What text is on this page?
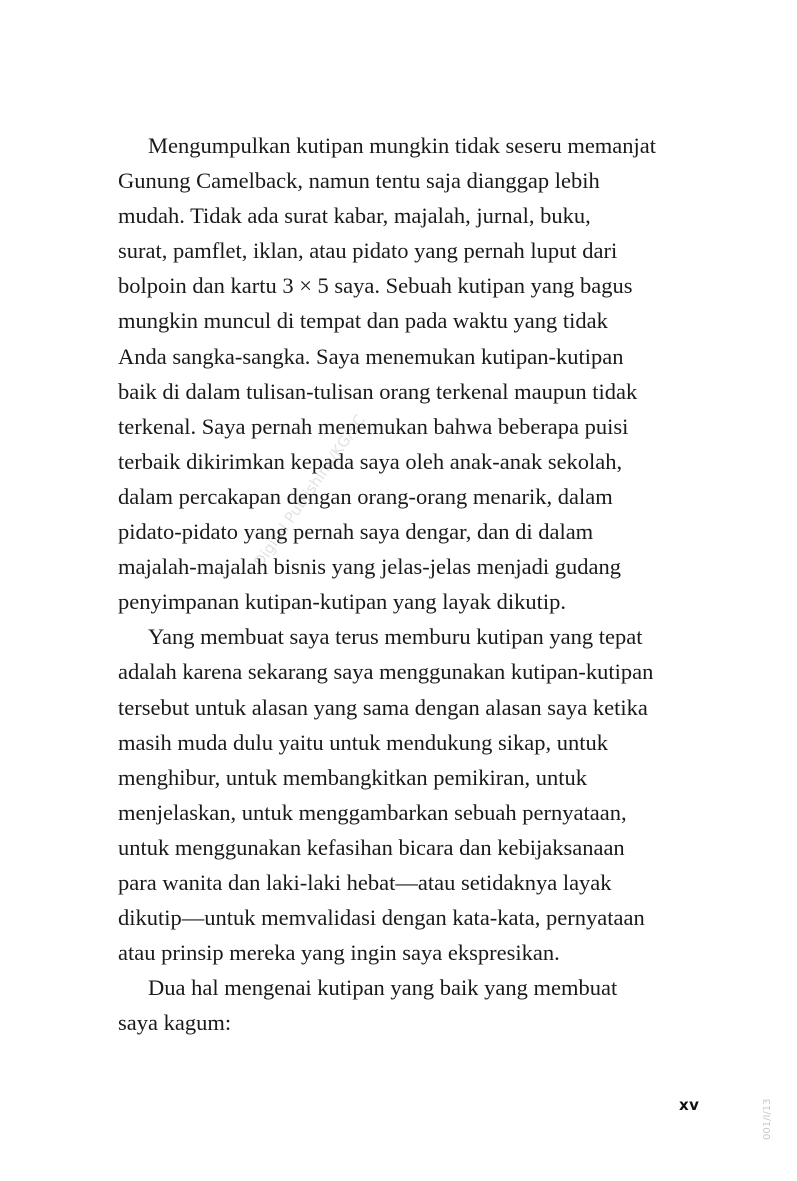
Digital Publishing/KG/SC
Mengumpulkan kutipan mungkin tidak seseru memanjat
Gunung Camelback, namun tentu saja dianggap lebih
mudah. Tidak ada surat kabar, majalah, jurnal, buku,
surat, pamflet, iklan, atau pidato yang pernah luput dari
bolpoin dan kartu 3 × 5 saya. Sebuah kutipan yang bagus
mungkin muncul di tempat dan pada waktu yang tidak
Anda sangka-sangka. Saya menemukan kutipan-kutipan
baik di dalam tulisan-tulisan orang terkenal maupun tidak
terkenal. Saya pernah menemukan bahwa beberapa puisi
terbaik dikirimkan kepada saya oleh anak-anak sekolah,
dalam percakapan dengan orang-orang menarik, dalam
pidato-pidato yang pernah saya dengar, dan di dalam
majalah-majalah bisnis yang jelas-jelas menjadi gudang
penyimpanan kutipan-kutipan yang layak dikutip.
Yang membuat saya terus memburu kutipan yang tepat
adalah karena sekarang saya menggunakan kutipan-kutipan
tersebut untuk alasan yang sama dengan alasan saya ketika
masih muda dulu yaitu untuk mendukung sikap, untuk
menghibur, untuk membangkitkan pemikiran, untuk
menjelaskan, untuk menggambarkan sebuah pernyataan,
untuk menggunakan kefasihan bicara dan kebijaksanaan
para wanita dan laki-laki hebat—atau setidaknya layak
dikutip—untuk memvalidasi dengan kata-kata, pernyataan
atau prinsip mereka yang ingin saya ekspresikan.
Dua hal mengenai kutipan yang baik yang membuat
saya kagum:
xv	001/I/13
